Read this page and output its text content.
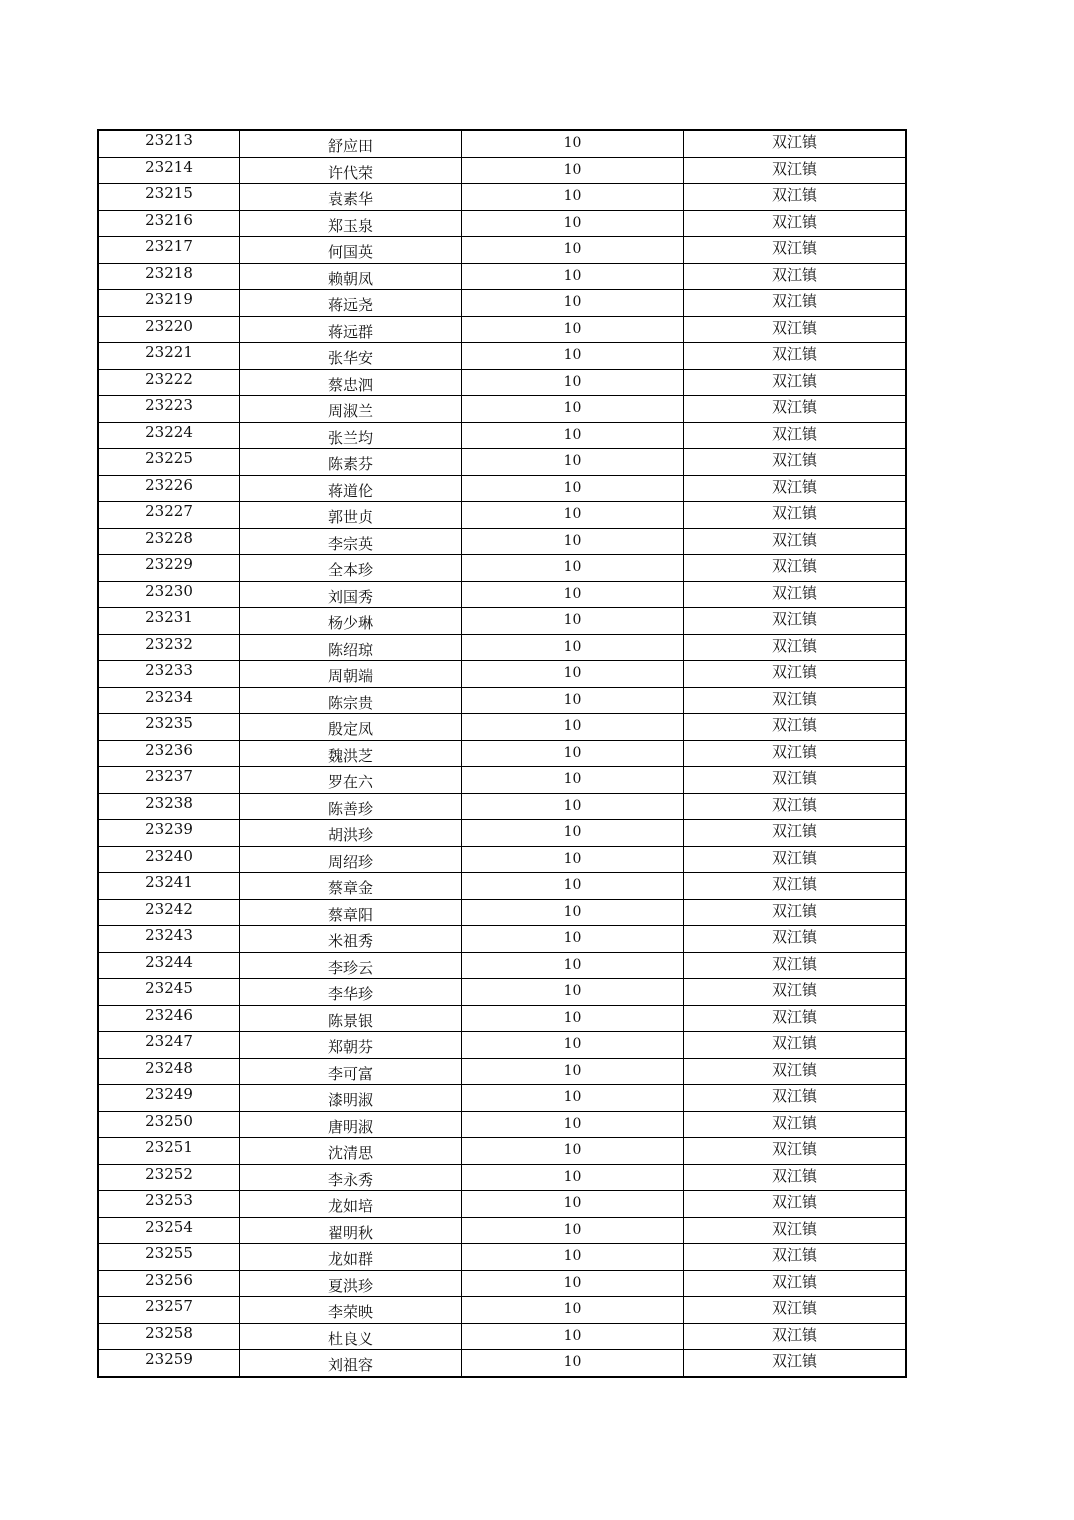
23213	舒应田	10	双江镇
23214	许代荣	10	双江镇
23215	袁素华	10	双江镇
23216	郑玉泉	10	双江镇
23217	何国英	10	双江镇
23218	赖朝凤	10	双江镇
23219	蒋远尧	10	双江镇
23220	蒋远群	10	双江镇
23221	张华安	10	双江镇
23222	蔡忠泗	10	双江镇
23223	周淑兰	10	双江镇
23224	张兰均	10	双江镇
23225	陈素芬	10	双江镇
23226	蒋道伦	10	双江镇
23227	郭世贞	10	双江镇
23228	李宗英	10	双江镇
23229	全本珍	10	双江镇
23230	刘国秀	10	双江镇
23231	杨少琳	10	双江镇
23232	陈绍琼	10	双江镇
23233	周朝端	10	双江镇
23234	陈宗贵	10	双江镇
23235	殷定凤	10	双江镇
23236	魏洪芝	10	双江镇
23237	罗在六	10	双江镇
23238	陈善珍	10	双江镇
23239	胡洪珍	10	双江镇
23240	周绍珍	10	双江镇
23241	蔡章金	10	双江镇
23242	蔡章阳	10	双江镇
23243	米祖秀	10	双江镇
23244	李珍云	10	双江镇
23245	李华珍	10	双江镇
23246	陈景银	10	双江镇
23247	郑朝芬	10	双江镇
23248	李可富	10	双江镇
23249	漆明淑	10	双江镇
23250	唐明淑	10	双江镇
23251	沈清思	10	双江镇
23252	李永秀	10	双江镇
23253	龙如培	10	双江镇
23254	翟明秋	10	双江镇
23255	龙如群	10	双江镇
23256	夏洪珍	10	双江镇
23257	李荣映	10	双江镇
23258	杜良义	10	双江镇
23259	刘祖容	10	双江镇
